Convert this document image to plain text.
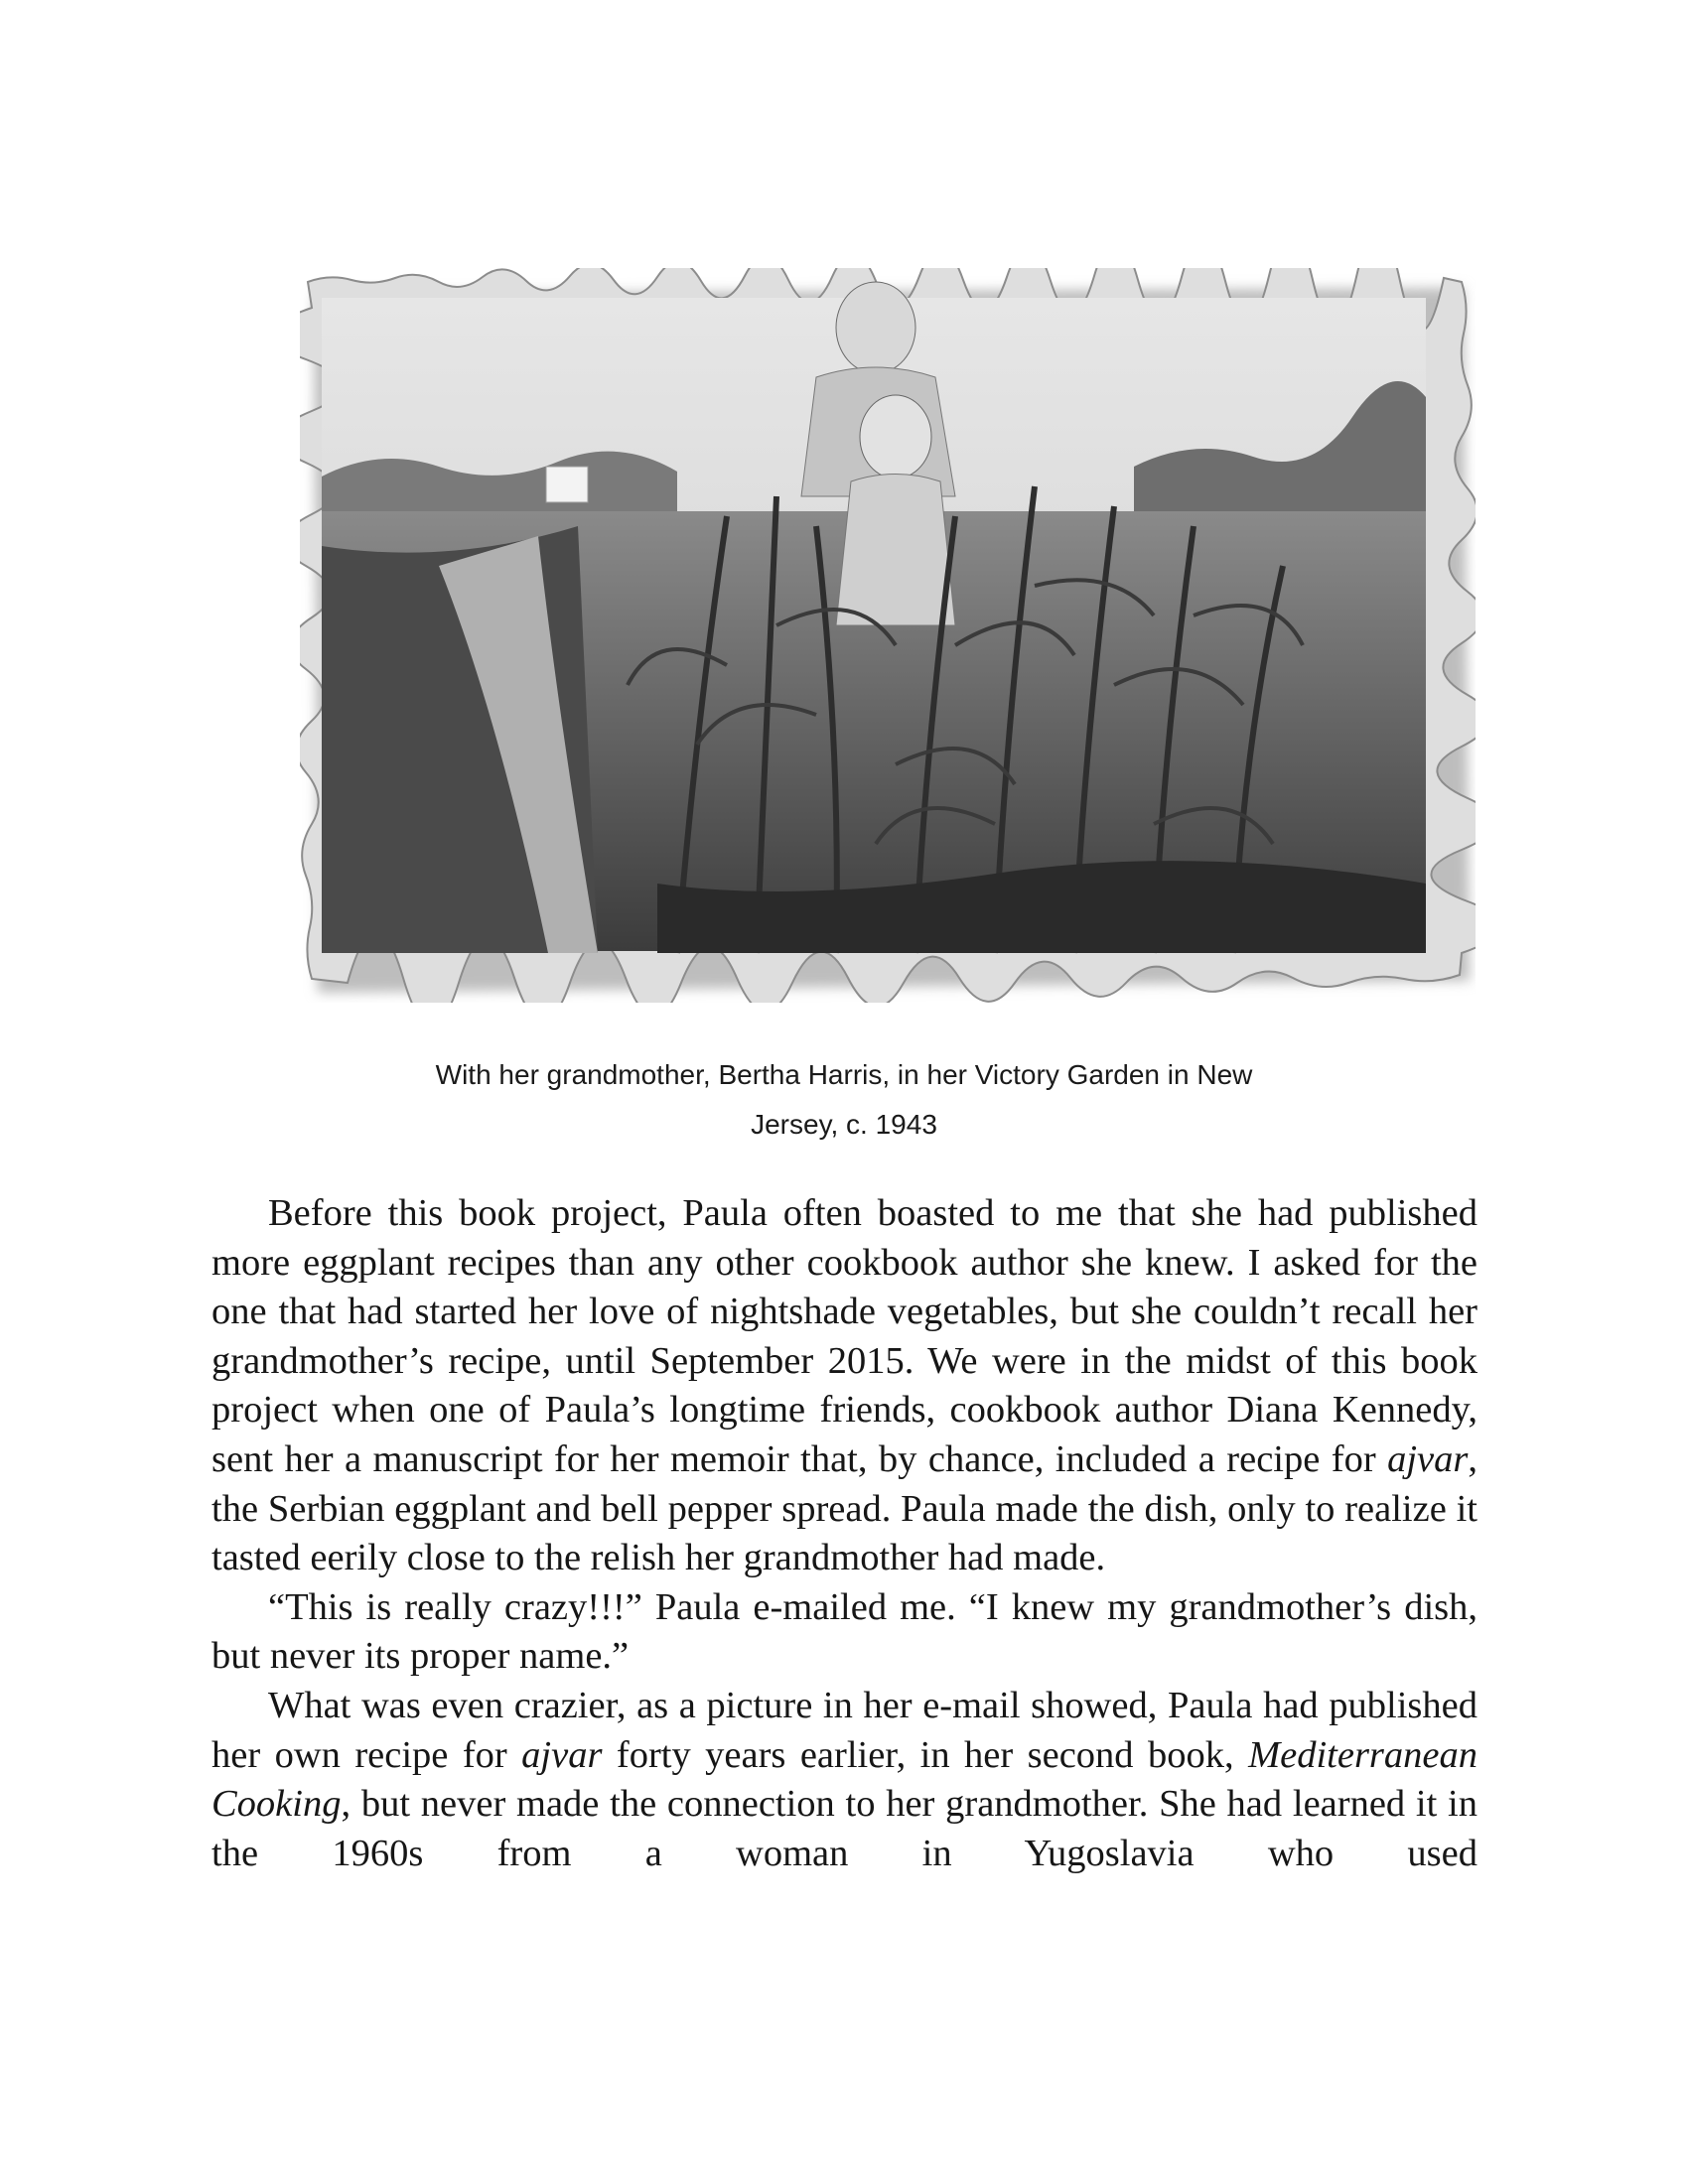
With her grandmother, Bertha Harris, in her Victory Garden in New
Jersey, c. 1943

Before this book project, Paula often boasted to me that she had published more eggplant recipes than any other cookbook author she knew. I asked for the one that had started her love of nightshade vegetables, but she couldn’t recall her grandmother’s recipe, until September 2015. We were in the midst of this book project when one of Paula’s longtime friends, cookbook author Diana Kennedy, sent her a manuscript for her memoir that, by chance, included a recipe for ajvar, the Serbian eggplant and bell pepper spread. Paula made the dish, only to realize it tasted eerily close to the relish her grandmother had made.

“This is really crazy!!!” Paula e-mailed me. “I knew my grandmother’s dish, but never its proper name.”

What was even crazier, as a picture in her e-mail showed, Paula had published her own recipe for ajvar forty years earlier, in her second book, Mediterranean Cooking, but never made the connection to her grandmother. She had learned it in the 1960s from a woman in Yugoslavia who used
